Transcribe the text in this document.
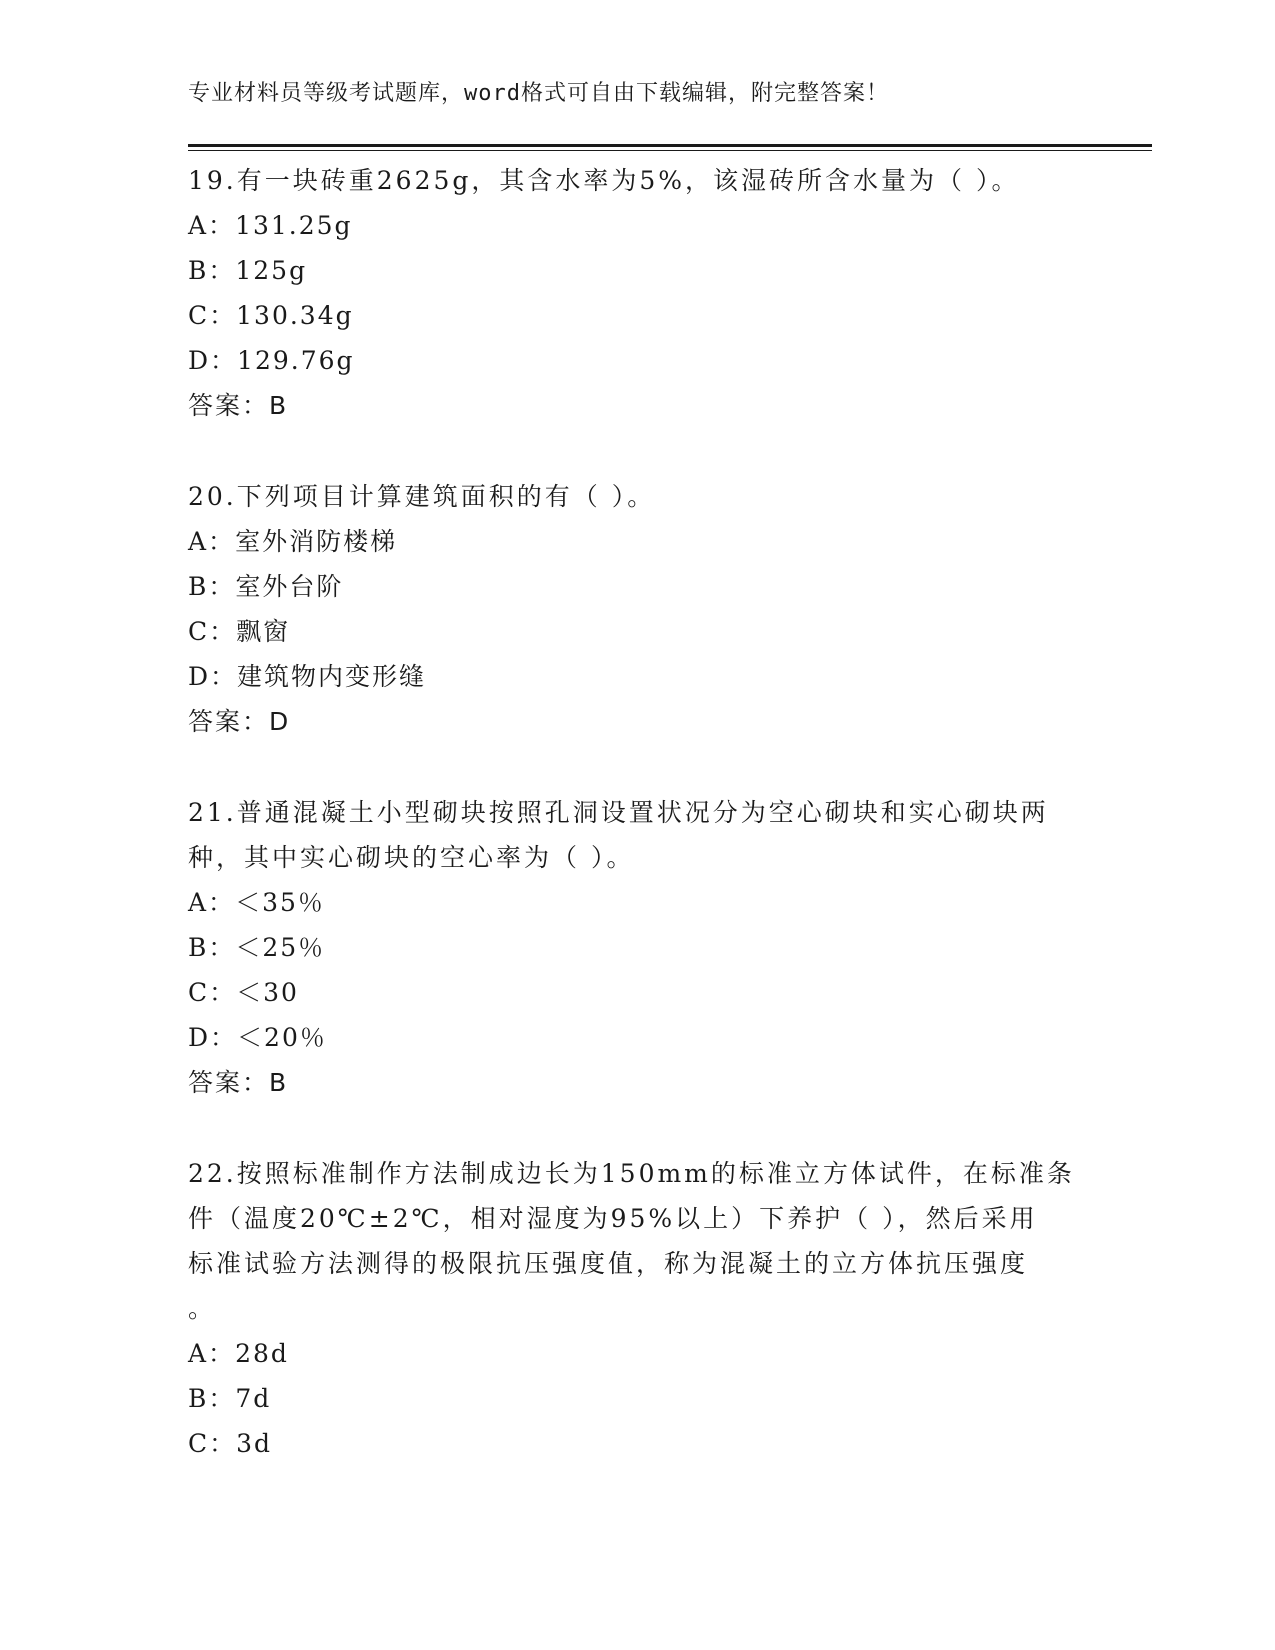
专业材料员等级考试题库，word格式可自由下载编辑，附完整答案！

19.有一块砖重2625g，其含水率为5%，该湿砖所含水量为（ ）。

A：131.25g

B：125g

C：130.34g

D：129.76g

答案：B

20.下列项目计算建筑面积的有（ ）。

A：室外消防楼梯

B：室外台阶

C：飘窗

D：建筑物内变形缝

答案：D

21.普通混凝土小型砌块按照孔洞设置状况分为空心砌块和实心砌块两

种，其中实心砌块的空心率为（ ）。

A：＜35％

B：＜25％

C：＜30

D：＜20％

答案：B

22.按照标准制作方法制成边长为150mm的标准立方体试件，在标准条

件（温度20℃±2℃，相对湿度为95%以上）下养护（ ），然后采用

标准试验方法测得的极限抗压强度值，称为混凝土的立方体抗压强度

。

A：28d

B：7d

C：3d
